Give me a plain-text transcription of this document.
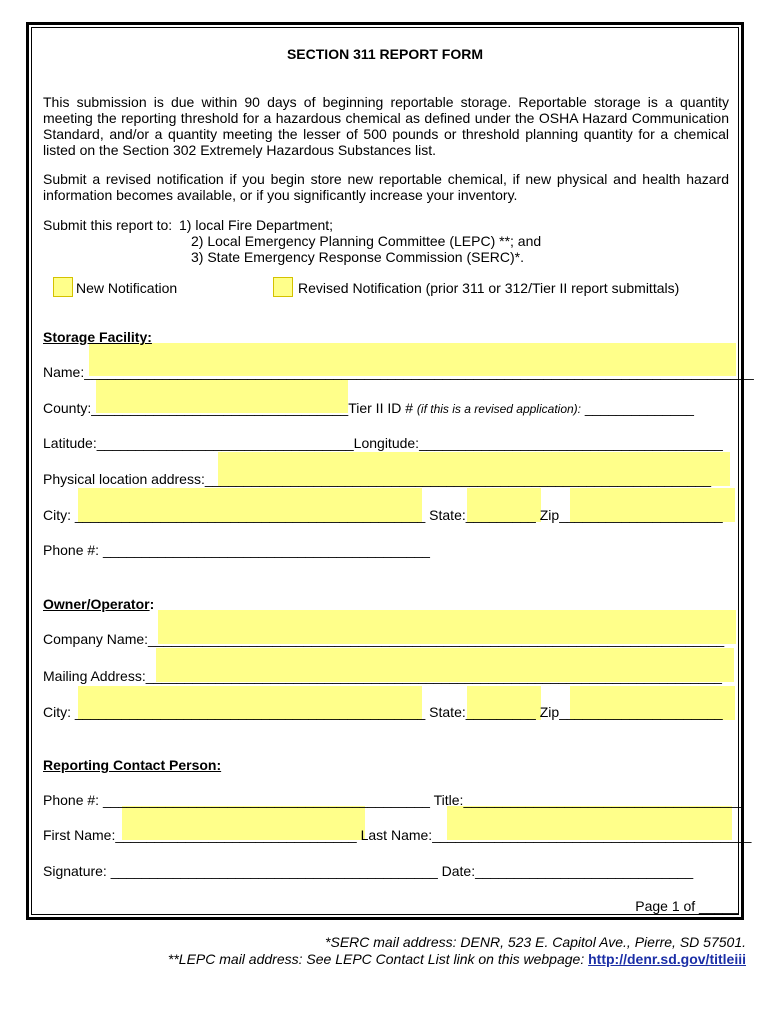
SECTION 311 REPORT FORM
This submission is due within 90 days of beginning reportable storage. Reportable storage is a quantity meeting the reporting threshold for a hazardous chemical as defined under the OSHA Hazard Communication Standard, and/or a quantity meeting the lesser of 500 pounds or threshold planning quantity for a chemical listed on the Section 302 Extremely Hazardous Substances list.
Submit a revised notification if you begin store new reportable chemical, if new physical and health hazard information becomes available, or if you significantly increase your inventory.
Submit this report to: 1) local Fire Department;
2) Local Emergency Planning Committee (LEPC) **; and
3) State Emergency Response Commission (SERC)*.
New Notification	Revised Notification (prior 311 or 312/Tier II report submittals)
Storage Facility:
Name:______________________________________________________________________________________
County:_________________________________Tier II ID # (if this is a revised application): ______________
Latitude:_________________________________Longitude:_______________________________________
Physical location address:_________________________________________________________________
City: _____________________________________________ State:_________ Zip_____________________
Phone #: __________________________________________
Owner/Operator:
Company Name:__________________________________________________________________________
Mailing Address:__________________________________________________________________________
City: _____________________________________________ State:_________ Zip_____________________
Reporting Contact Person:
Phone #: __________________________________________ Title:____________________________________
First Name:_______________________________ Last Name:_________________________________________
Signature: __________________________________________ Date:____________________________
Page 1 of _____
*SERC mail address: DENR, 523 E. Capitol Ave., Pierre, SD 57501.
**LEPC mail address: See LEPC Contact List link on this webpage: http://denr.sd.gov/titleiii
